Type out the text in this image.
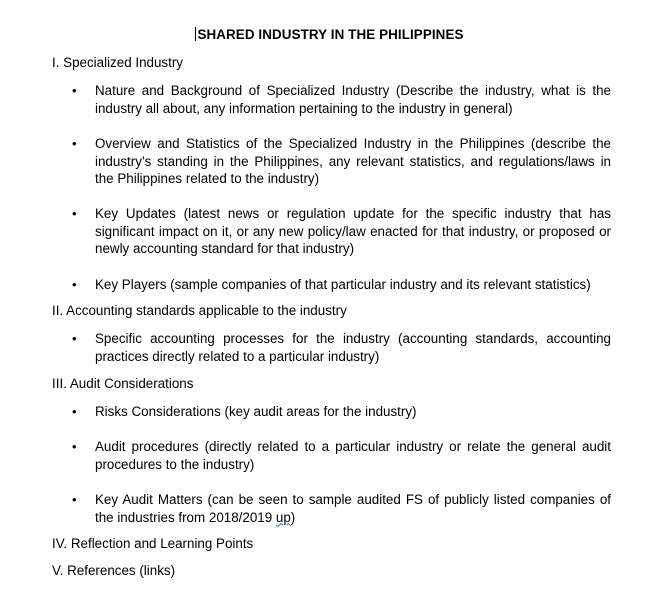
SHARED INDUSTRY IN THE PHILIPPINES
I. Specialized Industry
•	Nature and Background of Specialized Industry (Describe the industry, what is the industry all about, any information pertaining to the industry in general)
•	Overview and Statistics of the Specialized Industry in the Philippines (describe the industry’s standing in the Philippines, any relevant statistics, and regulations/laws in the Philippines related to the industry)
•	Key Updates (latest news or regulation update for the specific industry that has significant impact on it, or any new policy/law enacted for that industry, or proposed or newly accounting standard for that industry)
•	Key Players (sample companies of that particular industry and its relevant statistics)
II. Accounting standards applicable to the industry
•	Specific accounting processes for the industry (accounting standards, accounting practices directly related to a particular industry)
III. Audit Considerations
•	Risks Considerations (key audit areas for the industry)
•	Audit procedures (directly related to a particular industry or relate the general audit procedures to the industry)
•	Key Audit Matters (can be seen to sample audited FS of publicly listed companies of the industries from 2018/2019 up)
IV. Reflection and Learning Points
V. References (links)
